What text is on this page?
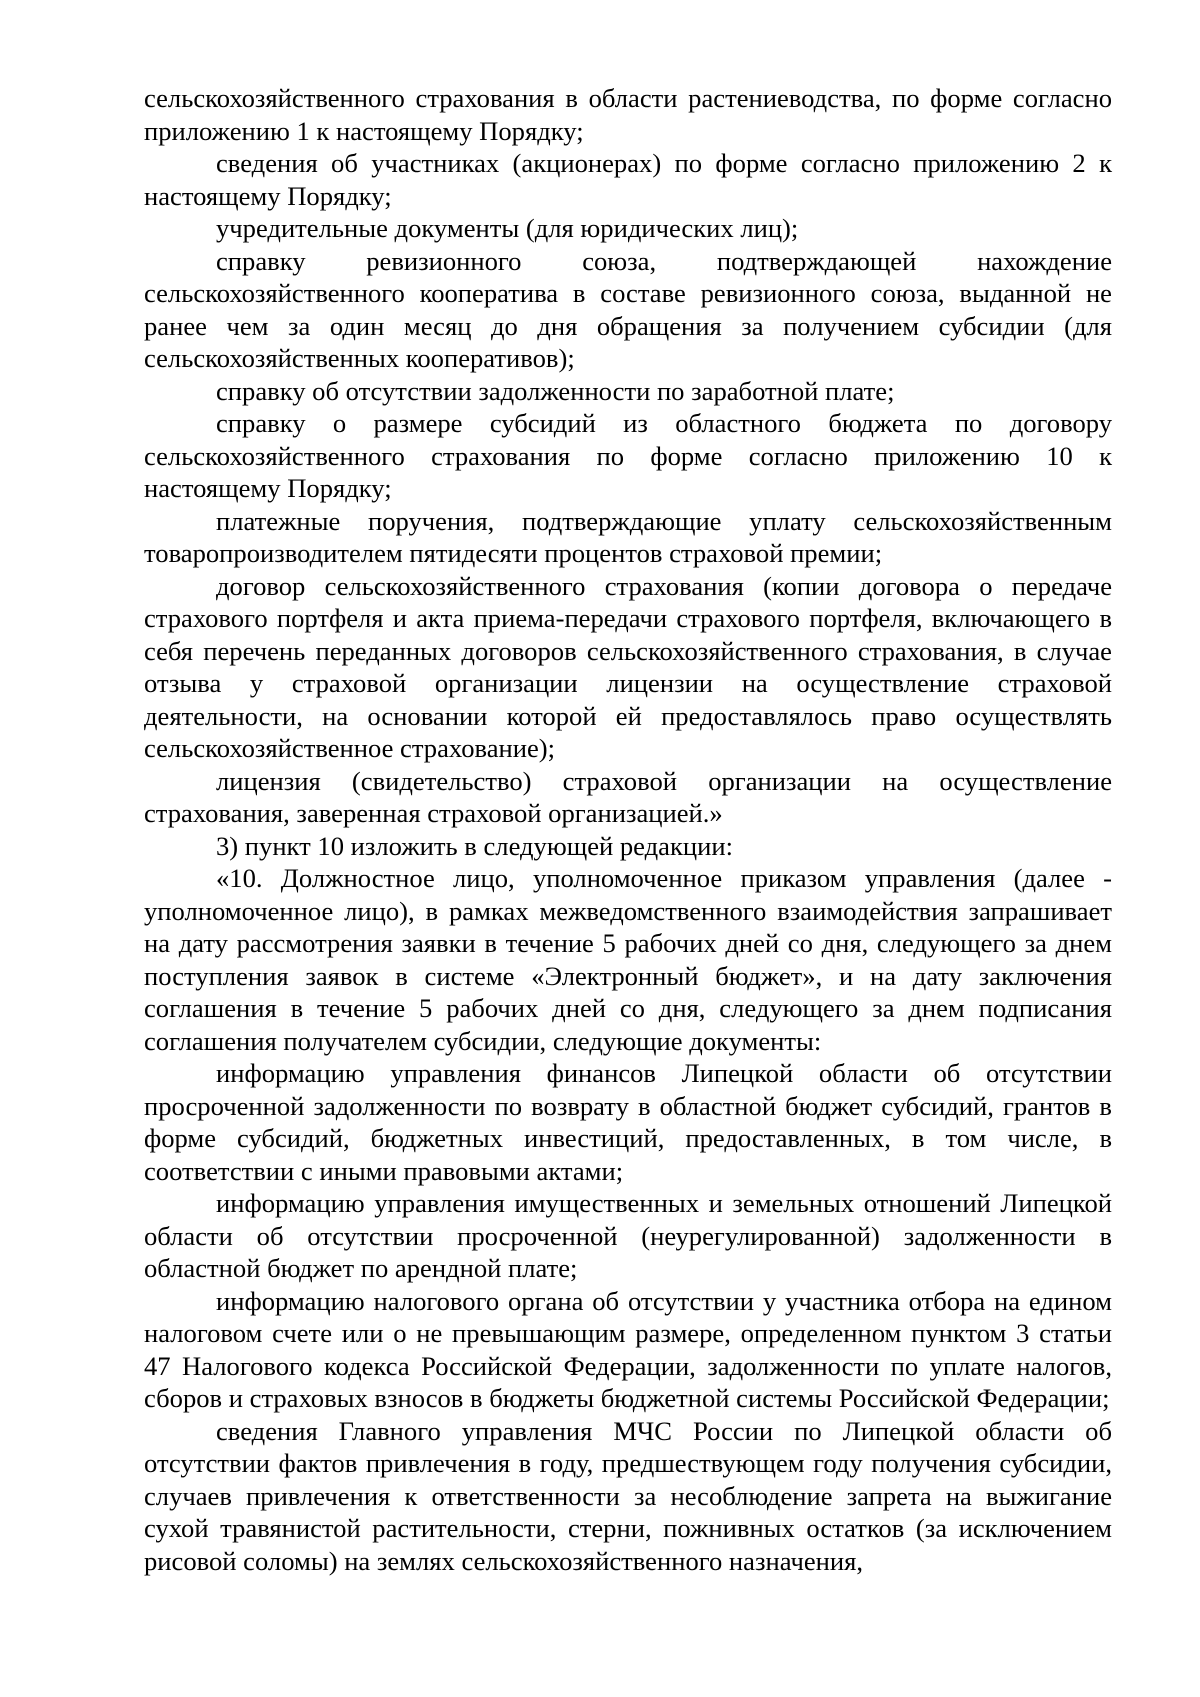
сельскохозяйственного страхования в области растениеводства, по форме согласно приложению 1 к настоящему Порядку;

сведения об участниках (акционерах) по форме согласно приложению 2 к настоящему Порядку;

учредительные документы (для юридических лиц);

справку ревизионного союза, подтверждающей нахождение сельскохозяйственного кооператива в составе ревизионного союза, выданной не ранее чем за один месяц до дня обращения за получением субсидии (для сельскохозяйственных кооперативов);

справку об отсутствии задолженности по заработной плате;

справку о размере субсидий из областного бюджета по договору сельскохозяйственного страхования по форме согласно приложению 10 к настоящему Порядку;

платежные поручения, подтверждающие уплату сельскохозяйственным товаропроизводителем пятидесяти процентов страховой премии;

договор сельскохозяйственного страхования (копии договора о передаче страхового портфеля и акта приема-передачи страхового портфеля, включающего в себя перечень переданных договоров сельскохозяйственного страхования, в случае отзыва у страховой организации лицензии на осуществление страховой деятельности, на основании которой ей предоставлялось право осуществлять сельскохозяйственное страхование);

лицензия (свидетельство) страховой организации на осуществление страхования, заверенная страховой организацией.»

3) пункт 10 изложить в следующей редакции:

«10. Должностное лицо, уполномоченное приказом управления (далее - уполномоченное лицо), в рамках межведомственного взаимодействия запрашивает на дату рассмотрения заявки в течение 5 рабочих дней со дня, следующего за днем поступления заявок в системе «Электронный бюджет», и на дату заключения соглашения в течение 5 рабочих дней со дня, следующего за днем подписания соглашения получателем субсидии, следующие документы:

информацию управления финансов Липецкой области об отсутствии просроченной задолженности по возврату в областной бюджет субсидий, грантов в форме субсидий, бюджетных инвестиций, предоставленных, в том числе, в соответствии с иными правовыми актами;

информацию управления имущественных и земельных отношений Липецкой области об отсутствии просроченной (неурегулированной) задолженности в областной бюджет по арендной плате;

информацию налогового органа об отсутствии у участника отбора на едином налоговом счете или о не превышающим размере, определенном пунктом 3 статьи 47 Налогового кодекса Российской Федерации, задолженности по уплате налогов, сборов и страховых взносов в бюджеты бюджетной системы Российской Федерации;

сведения Главного управления МЧС России по Липецкой области об отсутствии фактов привлечения в году, предшествующем году получения субсидии, случаев привлечения к ответственности за несоблюдение запрета на выжигание сухой травянистой растительности, стерни, пожнивных остатков (за исключением рисовой соломы) на землях сельскохозяйственного назначения,
